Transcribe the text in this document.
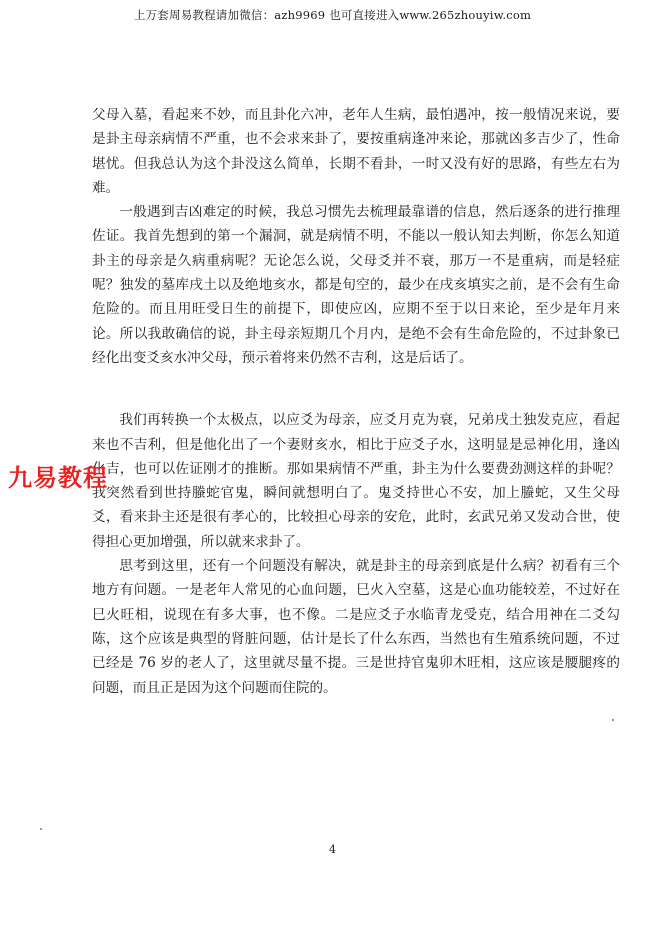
上万套周易教程请加微信：azh9969 也可直接进入www.265zhouyiw.com

父母入墓，看起来不妙，而且卦化六冲，老年人生病，最怕遇冲，按一般情况来说，要是卦主母亲病情不严重，也不会求来卦了，要按重病逢冲来论，那就凶多吉少了，性命堪忧。但我总认为这个卦没这么简单，长期不看卦，一时又没有好的思路，有些左右为难。

一般遇到吉凶难定的时候，我总习惯先去梳理最靠谱的信息，然后逐条的进行推理佐证。我首先想到的第一个漏洞，就是病情不明，不能以一般认知去判断，你怎么知道卦主的母亲是久病重病呢？无论怎么说，父母爻并不衰，那万一不是重病，而是轻症呢？独发的墓库戌土以及绝地亥水，都是旬空的，最少在戌亥填实之前，是不会有生命危险的。而且用旺受日生的前提下，即使应凶，应期不至于以日来论，至少是年月来论。所以我敢确信的说，卦主母亲短期几个月内，是绝不会有生命危险的，不过卦象已经化出变爻亥水冲父母，预示着将来仍然不吉利，这是后话了。

我们再转换一个太极点，以应爻为母亲，应爻月克为衰，兄弟戌土独发克应，看起来也不吉利，但是他化出了一个妻财亥水，相比于应爻子水，这明显是忌神化用，逢凶化吉，也可以佐证刚才的推断。那如果病情不严重，卦主为什么要费劲测这样的卦呢？我突然看到世持螣蛇官鬼，瞬间就想明白了。鬼爻持世心不安，加上螣蛇，又生父母爻，看来卦主还是很有孝心的，比较担心母亲的安危，此时，玄武兄弟又发动合世，使得担心更加增强，所以就来求卦了。

思考到这里，还有一个问题没有解决，就是卦主的母亲到底是什么病？初看有三个地方有问题。一是老年人常见的心血问题，巳火入空墓，这是心血功能较差，不过好在巳火旺相，说现在有多大事，也不像。二是应爻子水临青龙受克，结合用神在二爻勾陈，这个应该是典型的肾脏问题，估计是长了什么东西，当然也有生殖系统问题，不过已经是 76 岁的老人了，这里就尽量不提。三是世持官鬼卯木旺相，这应该是腰腿疼的问题，而且正是因为这个问题而住院的。

九易教程
4
